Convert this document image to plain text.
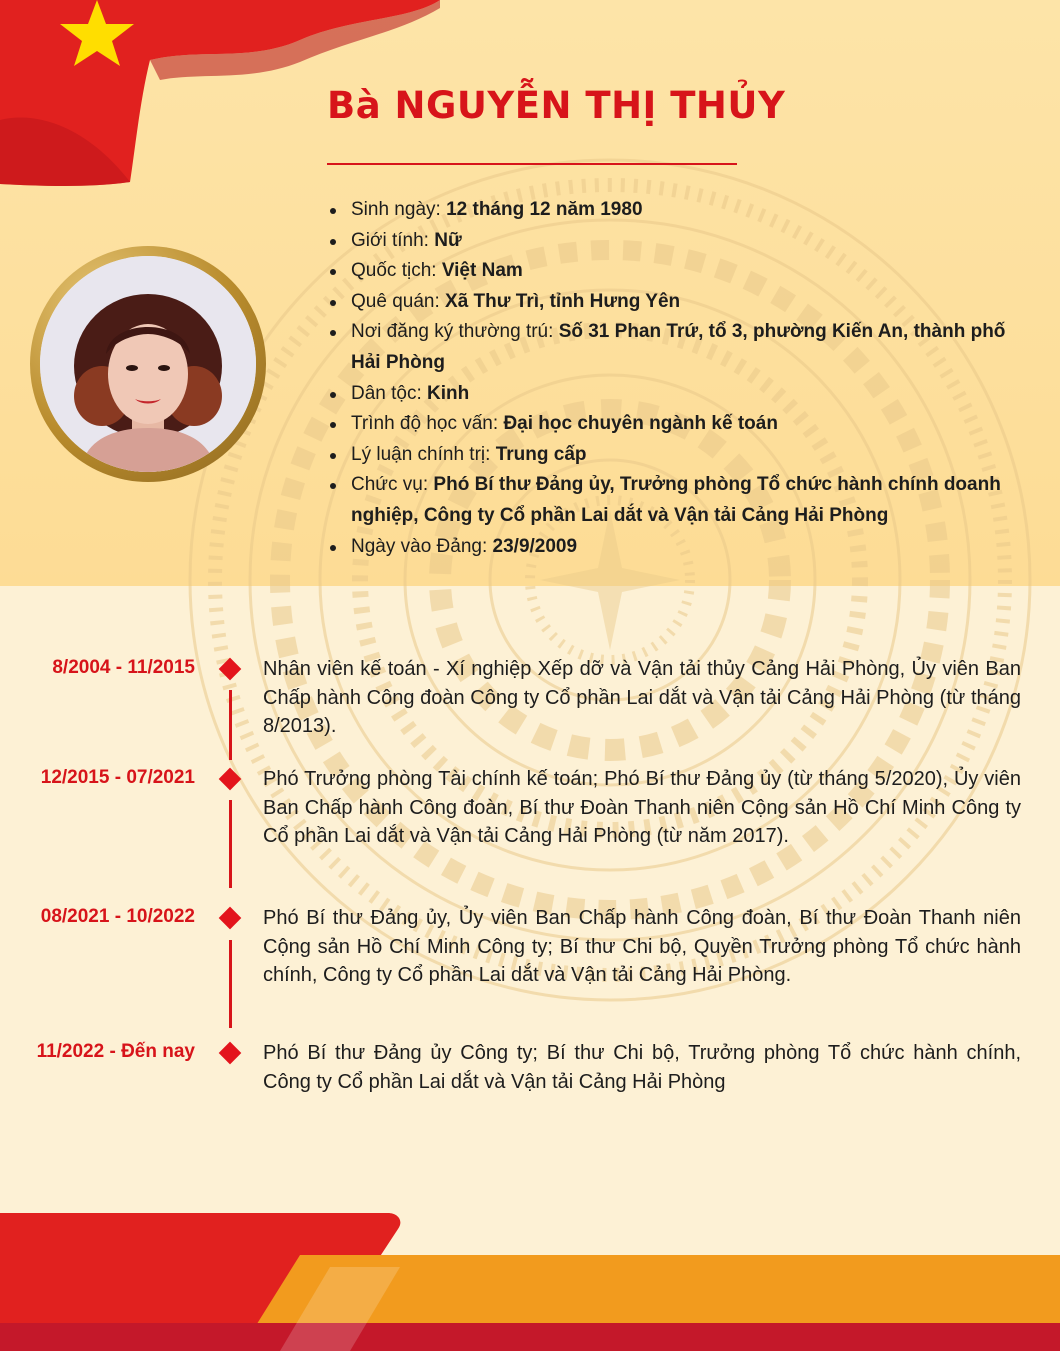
Bà NGUYỄN THỊ THỦY
Sinh ngày: 12 tháng 12 năm 1980
Giới tính: Nữ
Quốc tịch: Việt Nam
Quê quán: Xã Thư Trì, tỉnh Hưng Yên
Nơi đăng ký thường trú: Số 31 Phan Trứ, tổ 3, phường Kiến An, thành phố Hải Phòng
Dân tộc: Kinh
Trình độ học vấn: Đại học chuyên ngành kế toán
Lý luận chính trị: Trung cấp
Chức vụ: Phó Bí thư Đảng ủy, Trưởng phòng Tổ chức hành chính doanh nghiệp, Công ty Cổ phần Lai dắt và Vận tải Cảng Hải Phòng
Ngày vào Đảng: 23/9/2009
8/2004 - 11/2015	Nhân viên kế toán - Xí nghiệp Xếp dỡ và Vận tải thủy Cảng Hải Phòng, Ủy viên Ban Chấp hành Công đoàn Công ty Cổ phần Lai dắt và Vận tải Cảng Hải Phòng (từ tháng 8/2013).
12/2015 - 07/2021	Phó Trưởng phòng Tài chính kế toán; Phó Bí thư Đảng ủy (từ tháng 5/2020), Ủy viên Ban Chấp hành Công đoàn, Bí thư Đoàn Thanh niên Cộng sản Hồ Chí Minh Công ty Cổ phần Lai dắt và Vận tải Cảng Hải Phòng (từ năm 2017).
08/2021 - 10/2022	Phó Bí thư Đảng ủy, Ủy viên Ban Chấp hành Công đoàn, Bí thư Đoàn Thanh niên Cộng sản Hồ Chí Minh Công ty; Bí thư Chi bộ, Quyền Trưởng phòng Tổ chức hành chính, Công ty Cổ phần Lai dắt và Vận tải Cảng Hải Phòng.
11/2022 - Đến nay	Phó Bí thư Đảng ủy Công ty; Bí thư Chi bộ, Trưởng phòng Tổ chức hành chính, Công ty Cổ phần Lai dắt và Vận tải Cảng Hải Phòng
